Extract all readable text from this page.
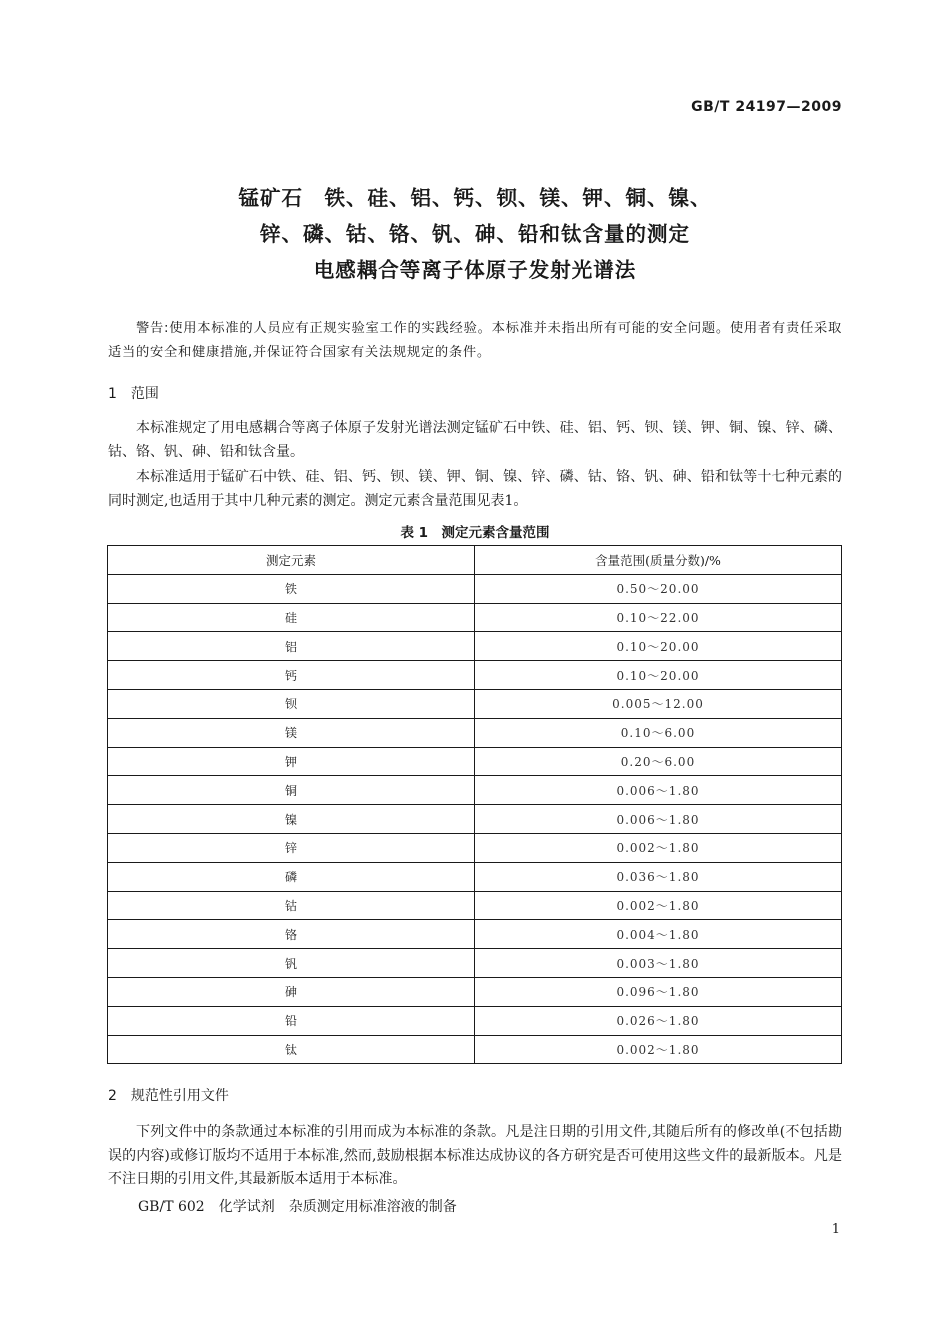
GB/T 24197—2009
锰矿石　铁、硅、铝、钙、钡、镁、钾、铜、镍、
锌、磷、钴、铬、钒、砷、铅和钛含量的测定
电感耦合等离子体原子发射光谱法

警告:使用本标准的人员应有正规实验室工作的实践经验。本标准并未指出所有可能的安全问题。使用者有责任采取适当的安全和健康措施,并保证符合国家有关法规规定的条件。

1　范围

本标准规定了用电感耦合等离子体原子发射光谱法测定锰矿石中铁、硅、铝、钙、钡、镁、钾、铜、镍、锌、磷、钴、铬、钒、砷、铅和钛含量。

本标准适用于锰矿石中铁、硅、铝、钙、钡、镁、钾、铜、镍、锌、磷、钴、铬、钒、砷、铅和钛等十七种元素的同时测定,也适用于其中几种元素的测定。测定元素含量范围见表1。

表 1　测定元素含量范围
测定元素	含量范围(质量分数)/%
铁	0.50～20.00
硅	0.10～22.00
铝	0.10～20.00
钙	0.10～20.00
钡	0.005～12.00
镁	0.10～6.00
钾	0.20～6.00
铜	0.006～1.80
镍	0.006～1.80
锌	0.002～1.80
磷	0.036～1.80
钴	0.002～1.80
铬	0.004～1.80
钒	0.003～1.80
砷	0.096～1.80
铅	0.026～1.80
钛	0.002～1.80
2　规范性引用文件

下列文件中的条款通过本标准的引用而成为本标准的条款。凡是注日期的引用文件,其随后所有的修改单(不包括勘误的内容)或修订版均不适用于本标准,然而,鼓励根据本标准达成协议的各方研究是否可使用这些文件的最新版本。凡是不注日期的引用文件,其最新版本适用于本标准。

GB/T 602　化学试剂　杂质测定用标准溶液的制备

1
